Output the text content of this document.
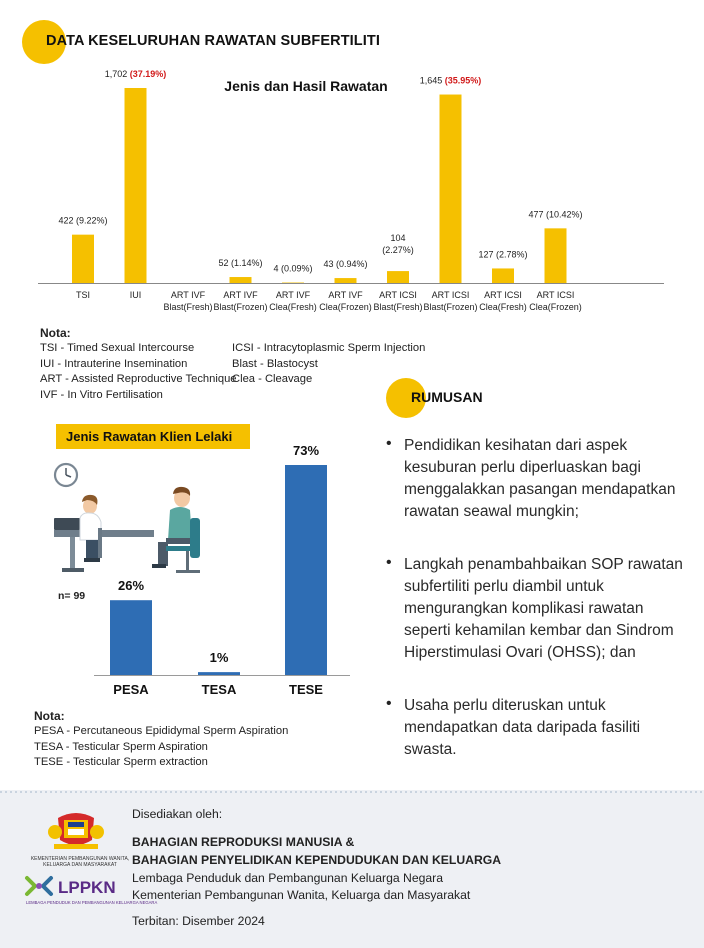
DATA KESELURUHAN RAWATAN SUBFERTILITI
Jenis dan Hasil Rawatan
TSI
422 (9.22%)
IUI
1,702 (37.19%)
ART IVF
Blast(Fresh)
ART IVF
Blast(Frozen)
52 (1.14%)
ART IVF
Clea(Fresh)
4 (0.09%)
ART IVF
Clea(Frozen)
43 (0.94%)
ART ICSI
Blast(Fresh)
104
(2.27%)
ART ICSI
Blast(Frozen)
1,645 (35.95%)
ART ICSI
Clea(Fresh)
127 (2.78%)
ART ICSI
Clea(Frozen)
477 (10.42%)
Nota:
TSI - Timed Sexual Intercourse
IUI - Intrauterine Insemination
ART - Assisted Reproductive Technique
IVF - In Vitro Fertilisation
ICSI - Intracytoplasmic Sperm Injection
Blast - Blastocyst
Clea - Cleavage
Jenis Rawatan Klien Lelaki
n= 99
26%
PESA
1%
TESA
73%
TESE
Nota:
PESA - Percutaneous Epididymal Sperm Aspiration
TESA - Testicular Sperm Aspiration
TESE - Testicular Sperm extraction
RUMUSAN
• Pendidikan kesihatan dari aspek kesuburan perlu diperluaskan bagi menggalakkan pasangan mendapatkan rawatan seawal mungkin;
• Langkah penambahbaikan SOP rawatan subfertiliti perlu diambil untuk mengurangkan komplikasi rawatan seperti kehamilan kembar dan Sindrom Hiperstimulasi Ovari (OHSS); dan
• Usaha perlu diteruskan untuk mendapatkan data daripada fasiliti swasta.
KEMENTERIAN PEMBANGUNAN WANITA, KELUARGA DAN MASYARAKAT
LPPKN
LEMBAGA PENDUDUK DAN PEMBANGUNAN KELUARGA NEGARA
Disediakan oleh:
BAHAGIAN REPRODUKSI MANUSIA &
BAHAGIAN PENYELIDIKAN KEPENDUDUKAN DAN KELUARGA
Lembaga Penduduk dan Pembangunan Keluarga Negara
Kementerian Pembangunan Wanita, Keluarga dan Masyarakat
Terbitan: Disember 2024
